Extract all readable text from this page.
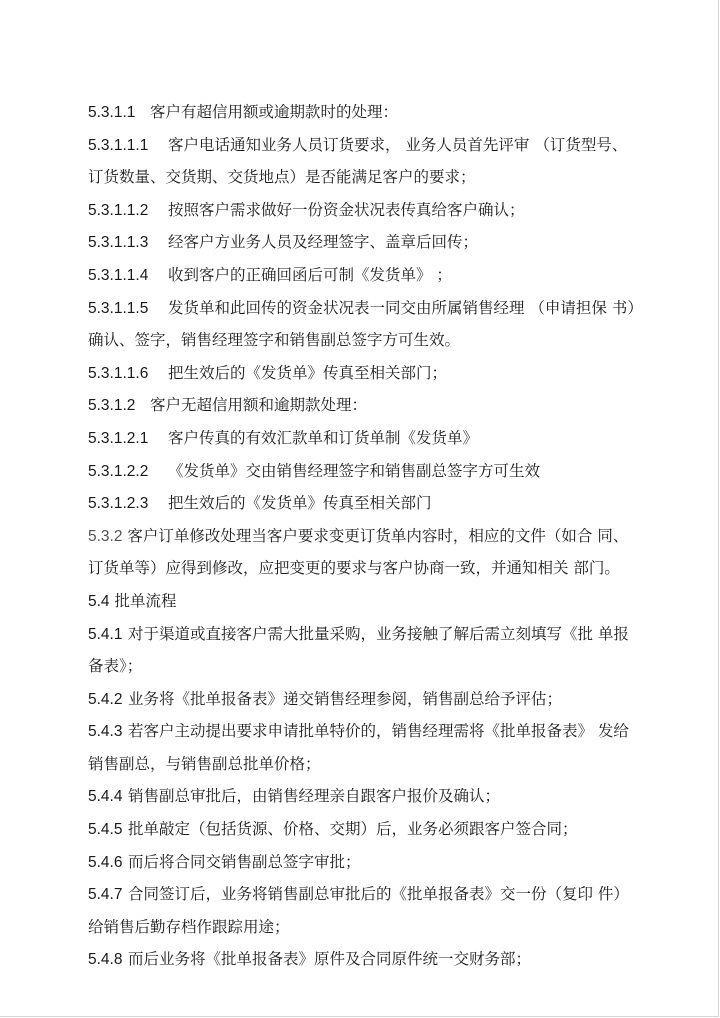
5.3.1.1 客户有超信用额或逾期款时的处理：
5.3.1.1.1 客户电话通知业务人员订货要求， 业务人员首先评审 （订货型号、
订货数量、交货期、交货地点）是否能满足客户的要求；
5.3.1.1.2 按照客户需求做好一份资金状况表传真给客户确认；
5.3.1.1.3 经客户方业务人员及经理签字、盖章后回传；
5.3.1.1.4 收到客户的正确回函后可制《发货单》 ；
5.3.1.1.5 发货单和此回传的资金状况表一同交由所属销售经理 （申请担保 书）
确认、签字，销售经理签字和销售副总签字方可生效。
5.3.1.1.6 把生效后的《发货单》传真至相关部门；
5.3.1.2 客户无超信用额和逾期款处理：
5.3.1.2.1 客户传真的有效汇款单和订货单制《发货单》
5.3.1.2.2 《发货单》交由销售经理签字和销售副总签字方可生效
5.3.1.2.3 把生效后的《发货单》传真至相关部门
5.3.2 客户订单修改处理当客户要求变更订货单内容时，相应的文件（如合 同、
订货单等）应得到修改，应把变更的要求与客户协商一致，并通知相关 部门。
5.4 批单流程
5.4.1 对于渠道或直接客户需大批量采购，业务接触了解后需立刻填写《批 单报
备表》；
5.4.2 业务将《批单报备表》递交销售经理参阅，销售副总给予评估；
5.4.3 若客户主动提出要求申请批单特价的，销售经理需将《批单报备表》 发给
销售副总，与销售副总批单价格；
5.4.4 销售副总审批后，由销售经理亲自跟客户报价及确认；
5.4.5 批单敲定（包括货源、价格、交期）后，业务必须跟客户签合同；
5.4.6 而后将合同交销售副总签字审批；
5.4.7 合同签订后，业务将销售副总审批后的《批单报备表》交一份（复印 件）
给销售后勤存档作跟踪用途；
5.4.8 而后业务将《批单报备表》原件及合同原件统一交财务部；
